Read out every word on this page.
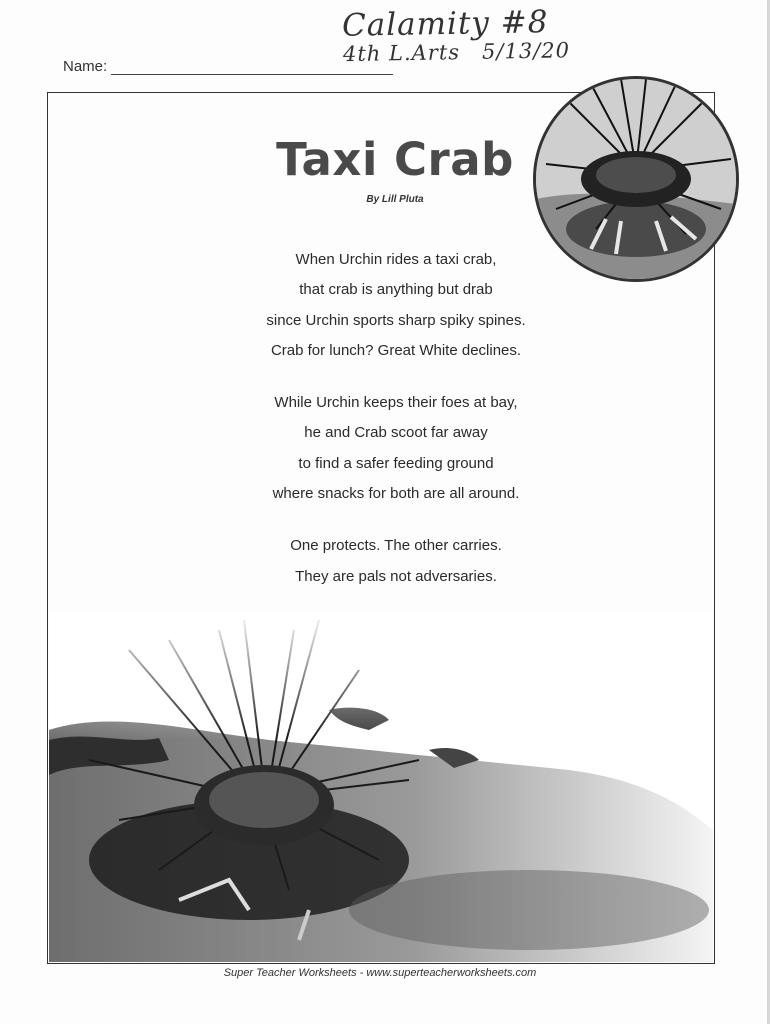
Calamity #8
4th L.Arts 5/13/20
Name:
Taxi Crab
By Lill Pluta
When Urchin rides a taxi crab,
that crab is anything but drab
since Urchin sports sharp spiky spines.
Crab for lunch? Great White declines.
While Urchin keeps their foes at bay,
he and Crab scoot far away
to find a safer feeding ground
where snacks for both are all around.
One protects. The other carries.
They are pals not adversaries.
Super Teacher Worksheets - www.superteacherworksheets.com
